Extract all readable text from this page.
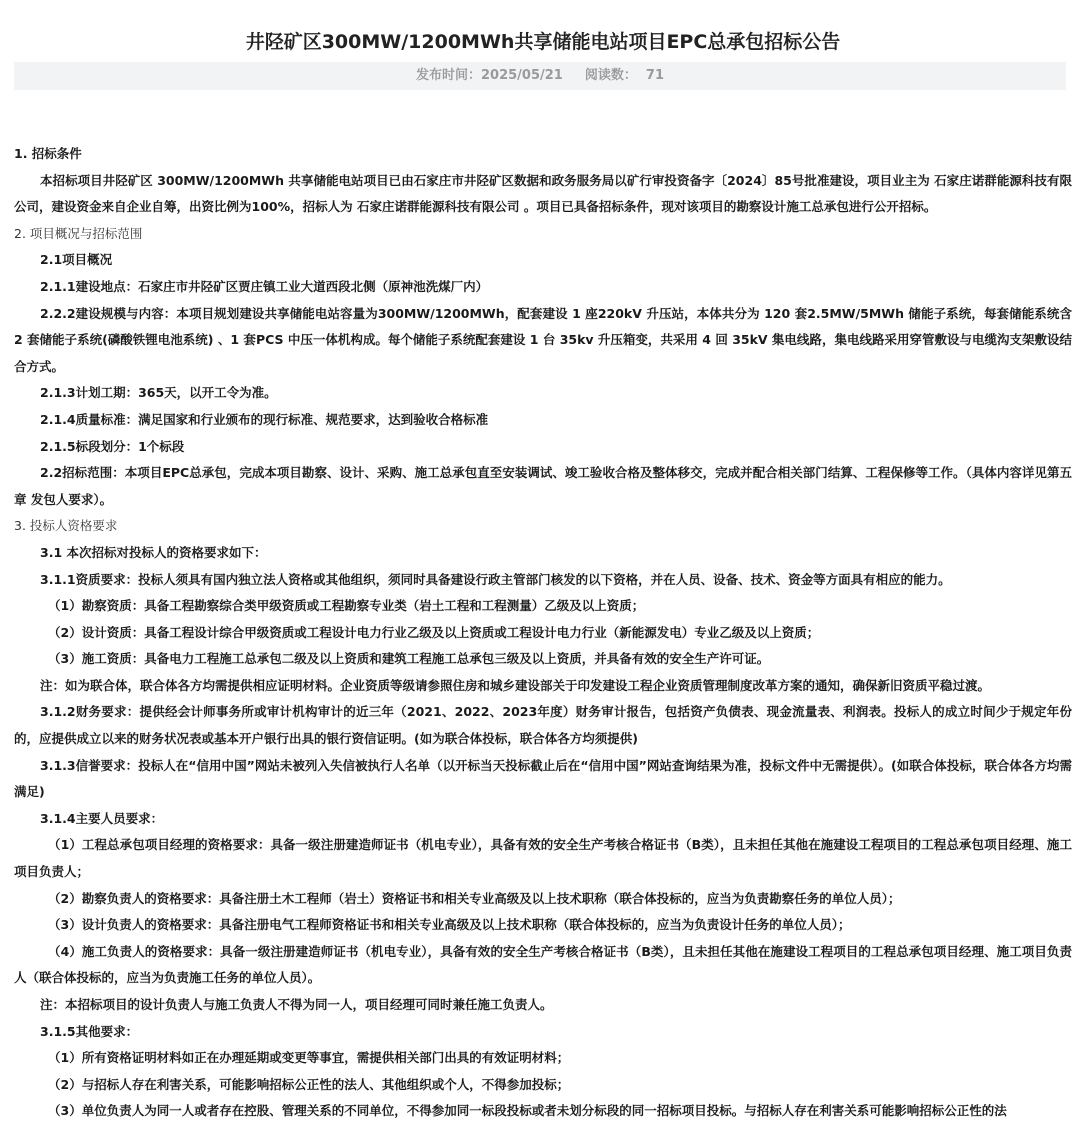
井陉矿区300MW/1200MWh共享储能电站项目EPC总承包招标公告
发布时间：2025/05/21 阅读数： 71

1. 招标条件

本招标项目井陉矿区 300MW/1200MWh 共享储能电站项目已由石家庄市井陉矿区数据和政务服务局以矿行审投资备字〔2024〕85号批准建设，项目业主为 石家庄诺群能源科技有限公司，建设资金来自企业自筹，出资比例为100%，招标人为 石家庄诺群能源科技有限公司 。项目已具备招标条件，现对该项目的勘察设计施工总承包进行公开招标。

2. 项目概况与招标范围

2.1项目概况

2.1.1建设地点：石家庄市井陉矿区贾庄镇工业大道西段北侧（原神池洗煤厂内）

2.2.2建设规模与内容：本项目规划建设共享储能电站容量为300MW/1200MWh，配套建设 1 座220kV 升压站，本体共分为 120 套2.5MW/5MWh 储能子系统，每套储能系统含2 套储能子系统(磷酸铁锂电池系统) 、1 套PCS 中压一体机构成。每个储能子系统配套建设 1 台 35kv 升压箱变，共采用 4 回 35kV 集电线路，集电线路采用穿管敷设与电缆沟支架敷设结合方式。

2.1.3计划工期：365天，以开工令为准。

2.1.4质量标准：满足国家和行业颁布的现行标准、规范要求，达到验收合格标准

2.1.5标段划分：1个标段

2.2招标范围：本项目EPC总承包，完成本项目勘察、设计、采购、施工总承包直至安装调试、竣工验收合格及整体移交，完成并配合相关部门结算、工程保修等工作。（具体内容详见第五章 发包人要求）。

3. 投标人资格要求

3.1 本次招标对投标人的资格要求如下：

3.1.1资质要求：投标人须具有国内独立法人资格或其他组织，须同时具备建设行政主管部门核发的以下资格，并在人员、设备、技术、资金等方面具有相应的能力。

（1）勘察资质：具备工程勘察综合类甲级资质或工程勘察专业类（岩土工程和工程测量）乙级及以上资质；

（2）设计资质：具备工程设计综合甲级资质或工程设计电力行业乙级及以上资质或工程设计电力行业（新能源发电）专业乙级及以上资质；

（3）施工资质：具备电力工程施工总承包二级及以上资质和建筑工程施工总承包三级及以上资质，并具备有效的安全生产许可证。

注：如为联合体，联合体各方均需提供相应证明材料。企业资质等级请参照住房和城乡建设部关于印发建设工程企业资质管理制度改革方案的通知，确保新旧资质平稳过渡。

3.1.2财务要求：提供经会计师事务所或审计机构审计的近三年（2021、2022、2023年度）财务审计报告，包括资产负债表、现金流量表、利润表。投标人的成立时间少于规定年份的，应提供成立以来的财务状况表或基本开户银行出具的银行资信证明。(如为联合体投标，联合体各方均须提供)

3.1.3信誉要求：投标人在“信用中国”网站未被列入失信被执行人名单（以开标当天投标截止后在“信用中国”网站查询结果为准，投标文件中无需提供）。(如联合体投标，联合体各方均需满足)

3.1.4主要人员要求：

（1）工程总承包项目经理的资格要求：具备一级注册建造师证书（机电专业），具备有效的安全生产考核合格证书（B类），且未担任其他在施建设工程项目的工程总承包项目经理、施工项目负责人；

（2）勘察负责人的资格要求：具备注册土木工程师（岩土）资格证书和相关专业高级及以上技术职称（联合体投标的，应当为负责勘察任务的单位人员）；

（3）设计负责人的资格要求：具备注册电气工程师资格证书和相关专业高级及以上技术职称（联合体投标的，应当为负责设计任务的单位人员）；

（4）施工负责人的资格要求：具备一级注册建造师证书（机电专业），具备有效的安全生产考核合格证书（B类），且未担任其他在施建设工程项目的工程总承包项目经理、施工项目负责人（联合体投标的，应当为负责施工任务的单位人员）。

注：本招标项目的设计负责人与施工负责人不得为同一人，项目经理可同时兼任施工负责人。

3.1.5其他要求：

（1）所有资格证明材料如正在办理延期或变更等事宜，需提供相关部门出具的有效证明材料；

（2）与招标人存在利害关系，可能影响招标公正性的法人、其他组织或个人，不得参加投标；

（3）单位负责人为同一人或者存在控股、管理关系的不同单位，不得参加同一标段投标或者未划分标段的同一招标项目投标。与招标人存在利害关系可能影响招标公正性的法
